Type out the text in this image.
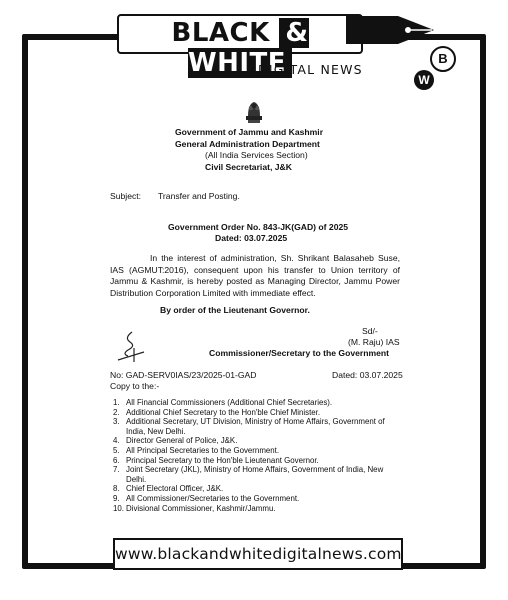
BLACK & WHITE	B
W
DIGITAL NEWS
Government of Jammu and Kashmir
General Administration Department
(All India Services Section)
Civil Secretariat, J&K
Subject: Transfer and Posting.
Government Order No. 843-JK(GAD) of 2025
Dated: 03.07.2025
In the interest of administration, Sh. Shrikant Balasaheb Suse, IAS (AGMUT:2016), consequent upon his transfer to Union territory of Jammu & Kashmir, is hereby posted as Managing Director, Jammu Power Distribution Corporation Limited with immediate effect.
By order of the Lieutenant Governor.
Sd/-
(M. Raju) IAS
Commissioner/Secretary to the Government
No: GAD-SERV0IAS/23/2025-01-GAD	Dated: 03.07.2025
Copy to the:-
1. All Financial Commissioners (Additional Chief Secretaries).
2. Additional Chief Secretary to the Hon'ble Chief Minister.
3. Additional Secretary, UT Division, Ministry of Home Affairs, Government of India, New Delhi.
4. Director General of Police, J&K.
5. All Principal Secretaries to the Government.
6. Principal Secretary to the Hon'ble Lieutenant Governor.
7. Joint Secretary (JKL), Ministry of Home Affairs, Government of India, New Delhi.
8. Chief Electoral Officer, J&K.
9. All Commissioner/Secretaries to the Government.
10. Divisional Commissioner, Kashmir/Jammu.
www.blackandwhitedigitalnews.com
